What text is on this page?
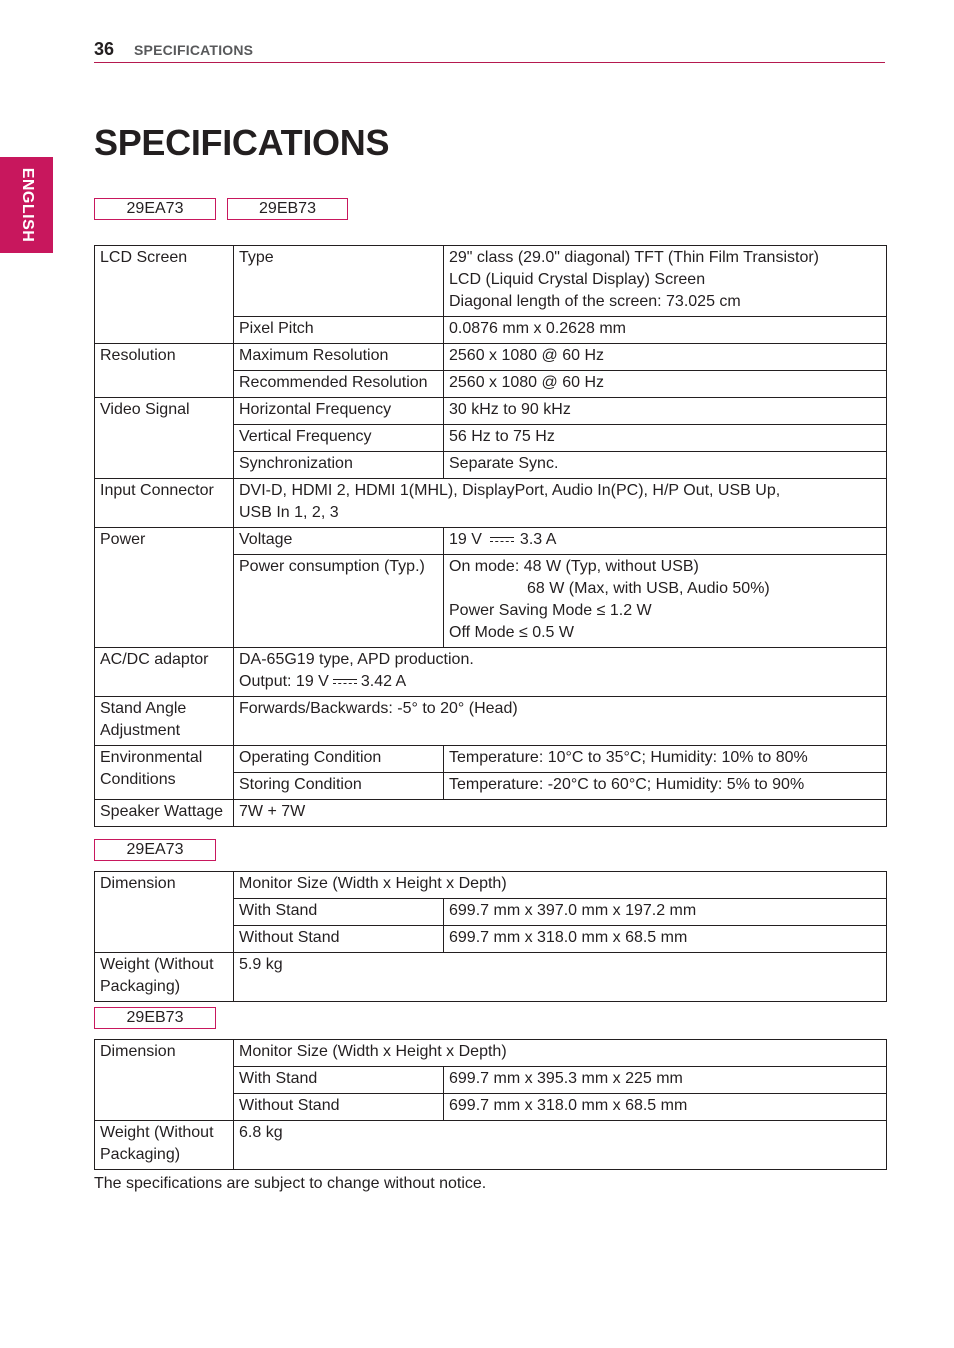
36 SPECIFICATIONS
ENGLISH
SPECIFICATIONS
29EA73	29EB73
LCD Screen	Type	29" class (29.0" diagonal) TFT (Thin Film Transistor)
LCD (Liquid Crystal Display) Screen
Diagonal length of the screen: 73.025 cm

	Pixel Pitch	0.0876 mm x 0.2628 mm
Resolution	Maximum Resolution	2560 x 1080 @ 60 Hz
	Recommended Resolution	2560 x 1080 @ 60 Hz
Video Signal	Horizontal Frequency	30 kHz to 90 kHz
	Vertical Frequency	56 Hz to 75 Hz
	Synchronization	Separate Sync.
Input Connector	DVI-D, HDMI 2, HDMI 1(MHL), DisplayPort, Audio In(PC), H/P Out, USB Up,
USB In 1, 2, 3	

Power	Voltage	19 V 3.3 A
	Power consumption (Typ.)	On mode: 48 W (Typ, without USB)
68 W (Max, with USB, Audio 50%)
Power Saving Mode ≤ 1.2 W
Off Mode ≤ 0.5 W

AC/DC adaptor	DA-65G19 type, APD production.
Output: 19 V 3.42 A	

Stand Angle
Adjustment	Forwards/Backwards: -5° to 20° (Head)	

Environmental
Conditions	Operating Condition	Temperature: 10°C to 35°C; Humidity: 10% to 80%
	Storing Condition	Temperature: -20°C to 60°C; Humidity: 5% to 90%
Speaker Wattage	7W + 7W	
29EA73
Dimension	Monitor Size (Width x Height x Depth)	
	With Stand	699.7 mm x 397.0 mm x 197.2 mm
	Without Stand	699.7 mm x 318.0 mm x 68.5 mm

Weight (Without
Packaging)	5.9 kg	
29EB73
Dimension	Monitor Size (Width x Height x Depth)	
	With Stand	699.7 mm x 395.3 mm x 225 mm
	Without Stand	699.7 mm x 318.0 mm x 68.5 mm

Weight (Without
Packaging)	6.8 kg	
The specifications are subject to change without notice.
